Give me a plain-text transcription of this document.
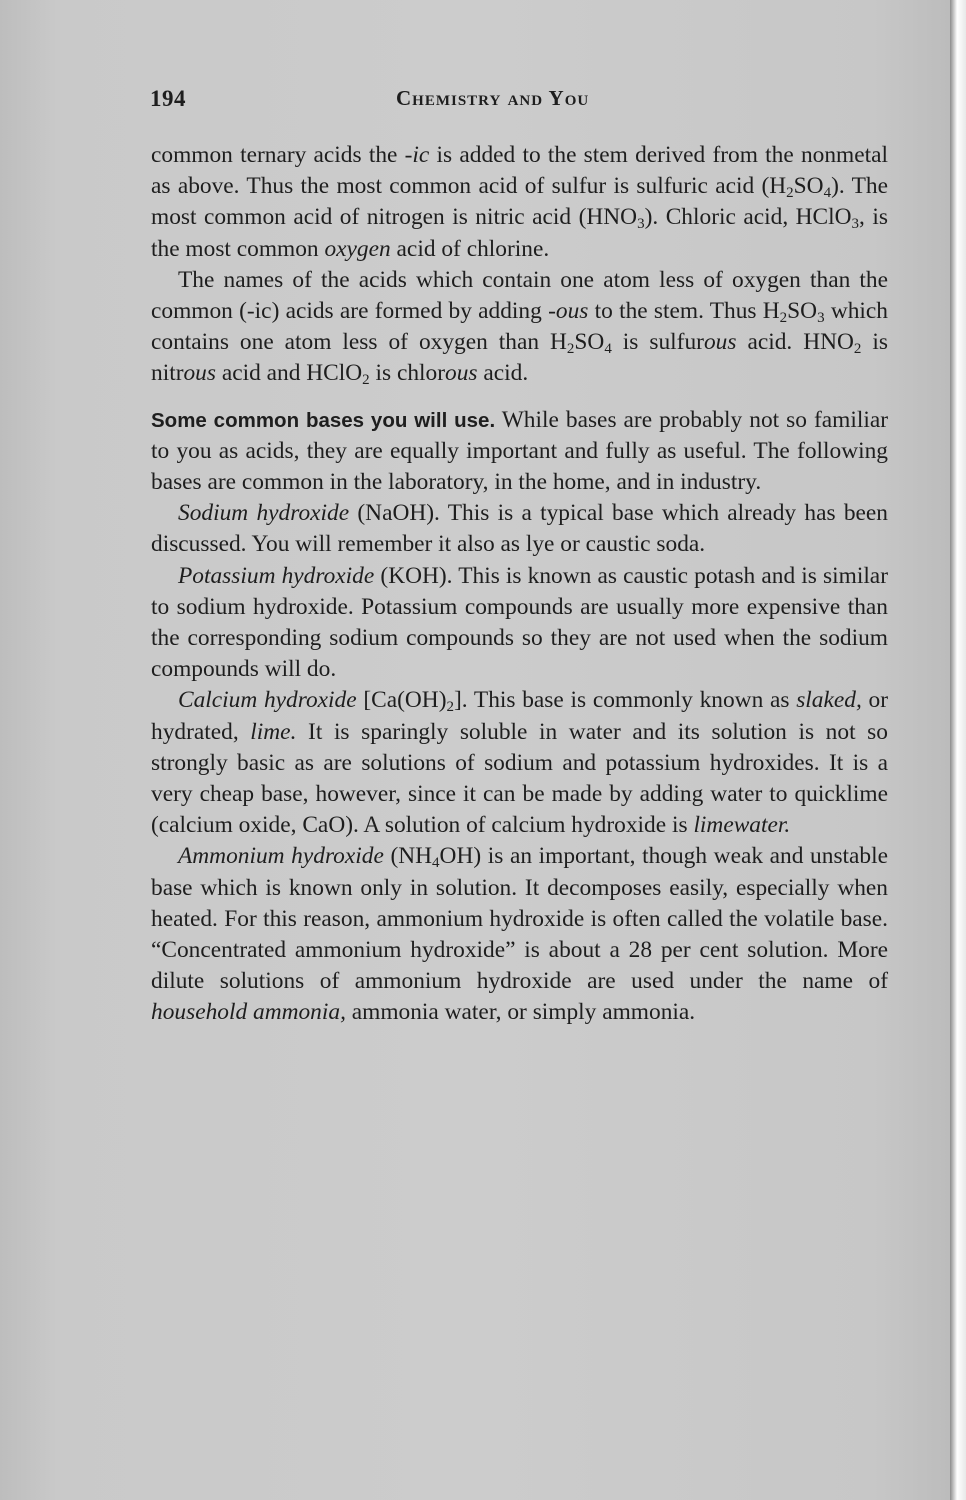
194	Chemistry and You

common ternary acids the -ic is added to the stem derived from the nonmetal as above. Thus the most common acid of sulfur is sulfuric acid $(H_2SO_4)$. The most common acid of nitrogen is nitric acid $(HNO_3)$. Chloric acid, HClO$_3$, is the most common oxygen acid of chlorine.

The names of the acids which contain one atom less of oxygen than the common (-ic) acids are formed by adding -ous to the stem. Thus $H_2SO_3$ which contains one atom less of oxygen than $H_2SO_4$ is sulfurous acid. $HNO_2$ is nitrous acid and HClO$_2$ is chlorous acid.

Some common bases you will use. While bases are probably not so familiar to you as acids, they are equally important and fully as useful. The following bases are common in the laboratory, in the home, and in industry.

Sodium hydroxide (NaOH). This is a typical base which already has been discussed. You will remember it also as lye or caustic soda.

Potassium hydroxide (KOH). This is known as caustic potash and is similar to sodium hydroxide. Potassium compounds are usually more expensive than the corresponding sodium compounds so they are not used when the sodium compounds will do.

Calcium hydroxide $[Ca(OH)_2]$. This base is commonly known as slaked, or hydrated, lime. It is sparingly soluble in water and its solution is not so strongly basic as are solutions of sodium and potassium hydroxides. It is a very cheap base, however, since it can be made by adding water to quicklime (calcium oxide, CaO). A solution of calcium hydroxide is limewater.

Ammonium hydroxide $(NH_4OH)$ is an important, though weak and unstable base which is known only in solution. It decomposes easily, especially when heated. For this reason, ammonium hydroxide is often called the volatile base. “Concentrated ammonium hydroxide” is about a 28 per cent solution. More dilute solutions of ammonium hydroxide are used under the name of household ammonia, ammonia water, or simply ammonia.
